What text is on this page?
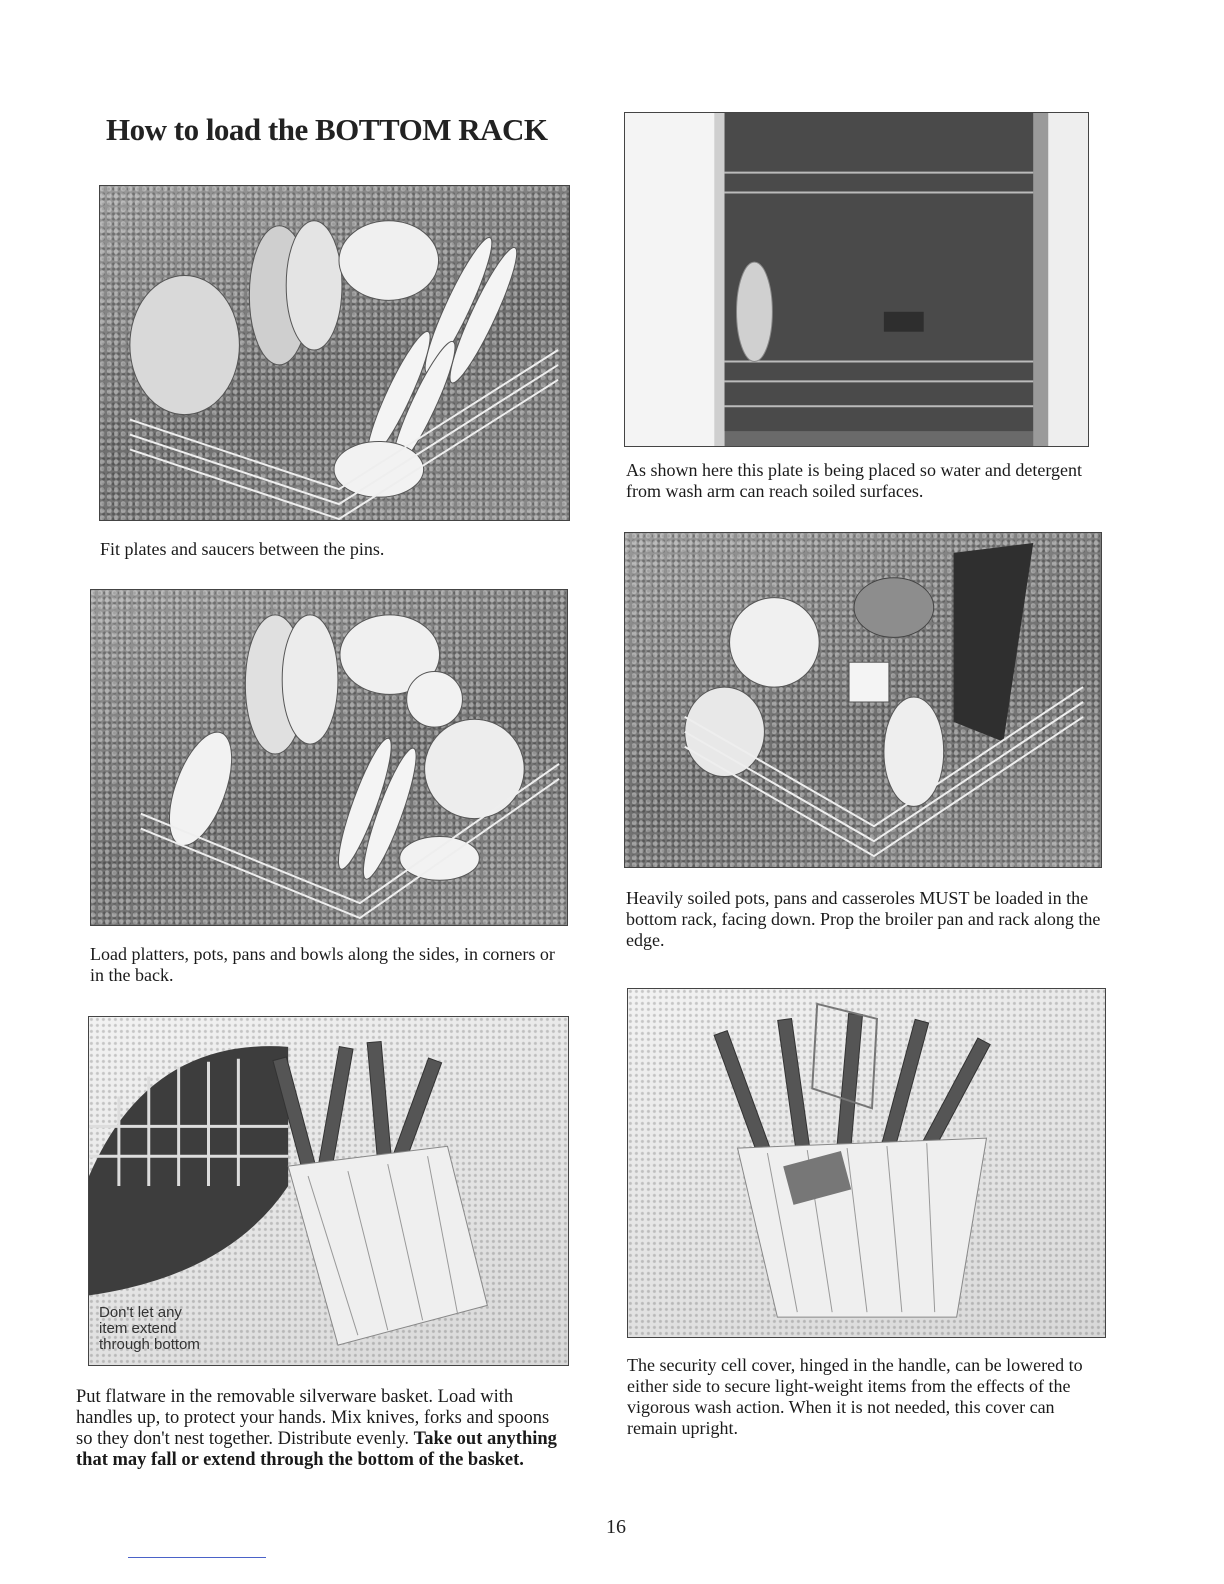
How to load the BOTTOM RACK
Fit plates and saucers between the pins.
As shown here this plate is being placed so water and detergent from wash arm can reach soiled surfaces.
Load platters, pots, pans and bowls along the sides, in corners or in the back.
Heavily soiled pots, pans and casseroles MUST be loaded in the bottom rack, facing down. Prop the broiler pan and rack along the edge.
Don't let any
item extend
through bottom
Put flatware in the removable silverware basket. Load with handles up, to protect your hands. Mix knives, forks and spoons so they don't nest together. Distribute evenly. Take out anything that may fall or extend through the bottom of the basket.
The security cell cover, hinged in the handle, can be lowered to either side to secure light-weight items from the effects of the vigorous wash action. When it is not needed, this cover can remain upright.
16
